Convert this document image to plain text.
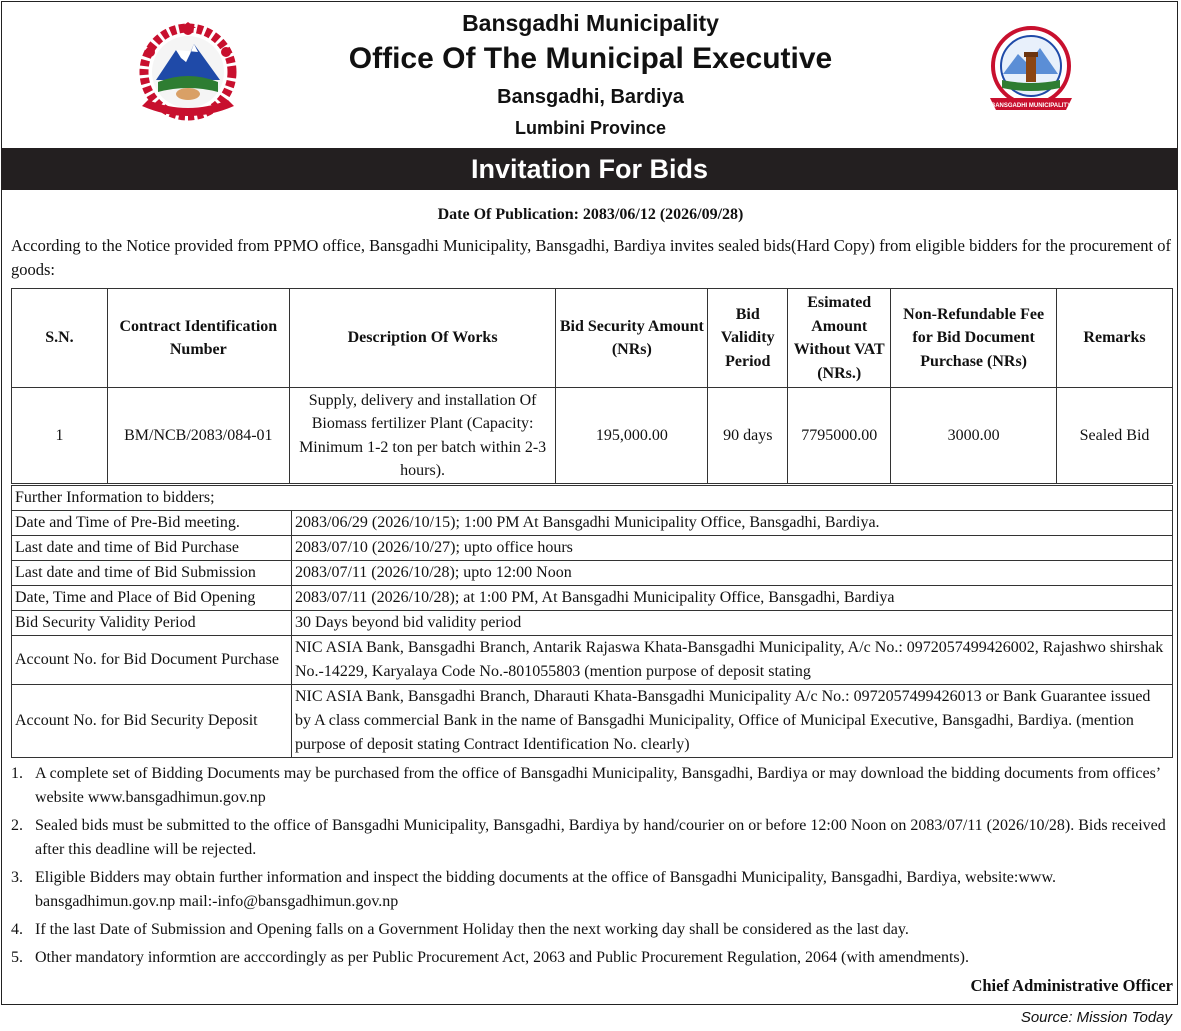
Bansgadhi Municipality
Office Of The Municipal Executive
Bansgadhi, Bardiya
Lumbini Province
BANSGADHI MUNICIPALITY
Invitation For Bids
Date Of Publication: 2083/06/12 (2026/09/28)
According to the Notice provided from PPMO office, Bansgadhi Municipality, Bansgadhi, Bardiya invites sealed bids(Hard Copy) from eligible bidders for the procurement of goods:
S.N.	Contract Identification Number	Description Of Works	Bid Security Amount (NRs)	Bid Validity Period	Esimated Amount Without VAT (NRs.)	Non-Refundable Fee for Bid Document Purchase (NRs)	Remarks
1	BM/NCB/2083/084-01	Supply, delivery and installation Of Biomass fertilizer Plant (Capacity: Minimum 1-2 ton per batch within 2-3 hours).	195,000.00	90 days	7795000.00	3000.00	Sealed Bid
Further Information to bidders;	
Date and Time of Pre-Bid meeting.	2083/06/29 (2026/10/15); 1:00 PM At Bansgadhi Municipality Office, Bansgadhi, Bardiya.
Last date and time of Bid Purchase	2083/07/10 (2026/10/27); upto office hours
Last date and time of Bid Submission	2083/07/11 (2026/10/28); upto 12:00 Noon
Date, Time and Place of Bid Opening	2083/07/11 (2026/10/28); at 1:00 PM, At Bansgadhi Municipality Office, Bansgadhi, Bardiya
Bid Security Validity Period	30 Days beyond bid validity period
Account No. for Bid Document Purchase	NIC ASIA Bank, Bansgadhi Branch, Antarik Rajaswa Khata-Bansgadhi Municipality, A/c No.: 0972057499426002, Rajashwo shirshak No.-14229, Karyalaya Code No.-801055803 (mention purpose of deposit stating
Account No. for Bid Security Deposit	NIC ASIA Bank, Bansgadhi Branch, Dharauti Khata-Bansgadhi Municipality A/c No.: 0972057499426013 or Bank Guarantee issued by A class commercial Bank in the name of Bansgadhi Municipality, Office of Municipal Executive, Bansgadhi, Bardiya. (mention purpose of deposit stating Contract Identification No. clearly)
1. A complete set of Bidding Documents may be purchased from the office of Bansgadhi Municipality, Bansgadhi, Bardiya or may download the bidding documents from offices’ website www.bansgadhimun.gov.np
2. Sealed bids must be submitted to the office of Bansgadhi Municipality, Bansgadhi, Bardiya by hand/courier on or before 12:00 Noon on 2083/07/11 (2026/10/28). Bids received after this deadline will be rejected.
3. Eligible Bidders may obtain further information and inspect the bidding documents at the office of Bansgadhi Municipality, Bansgadhi, Bardiya, website:www. bansgadhimun.gov.np mail:-info@bansgadhimun.gov.np
4. If the last Date of Submission and Opening falls on a Government Holiday then the next working day shall be considered as the last day.
5. Other mandatory informtion are acccordingly as per Public Procurement Act, 2063 and Public Procurement Regulation, 2064 (with amendments).
Chief Administrative Officer
Source: Mission Today
